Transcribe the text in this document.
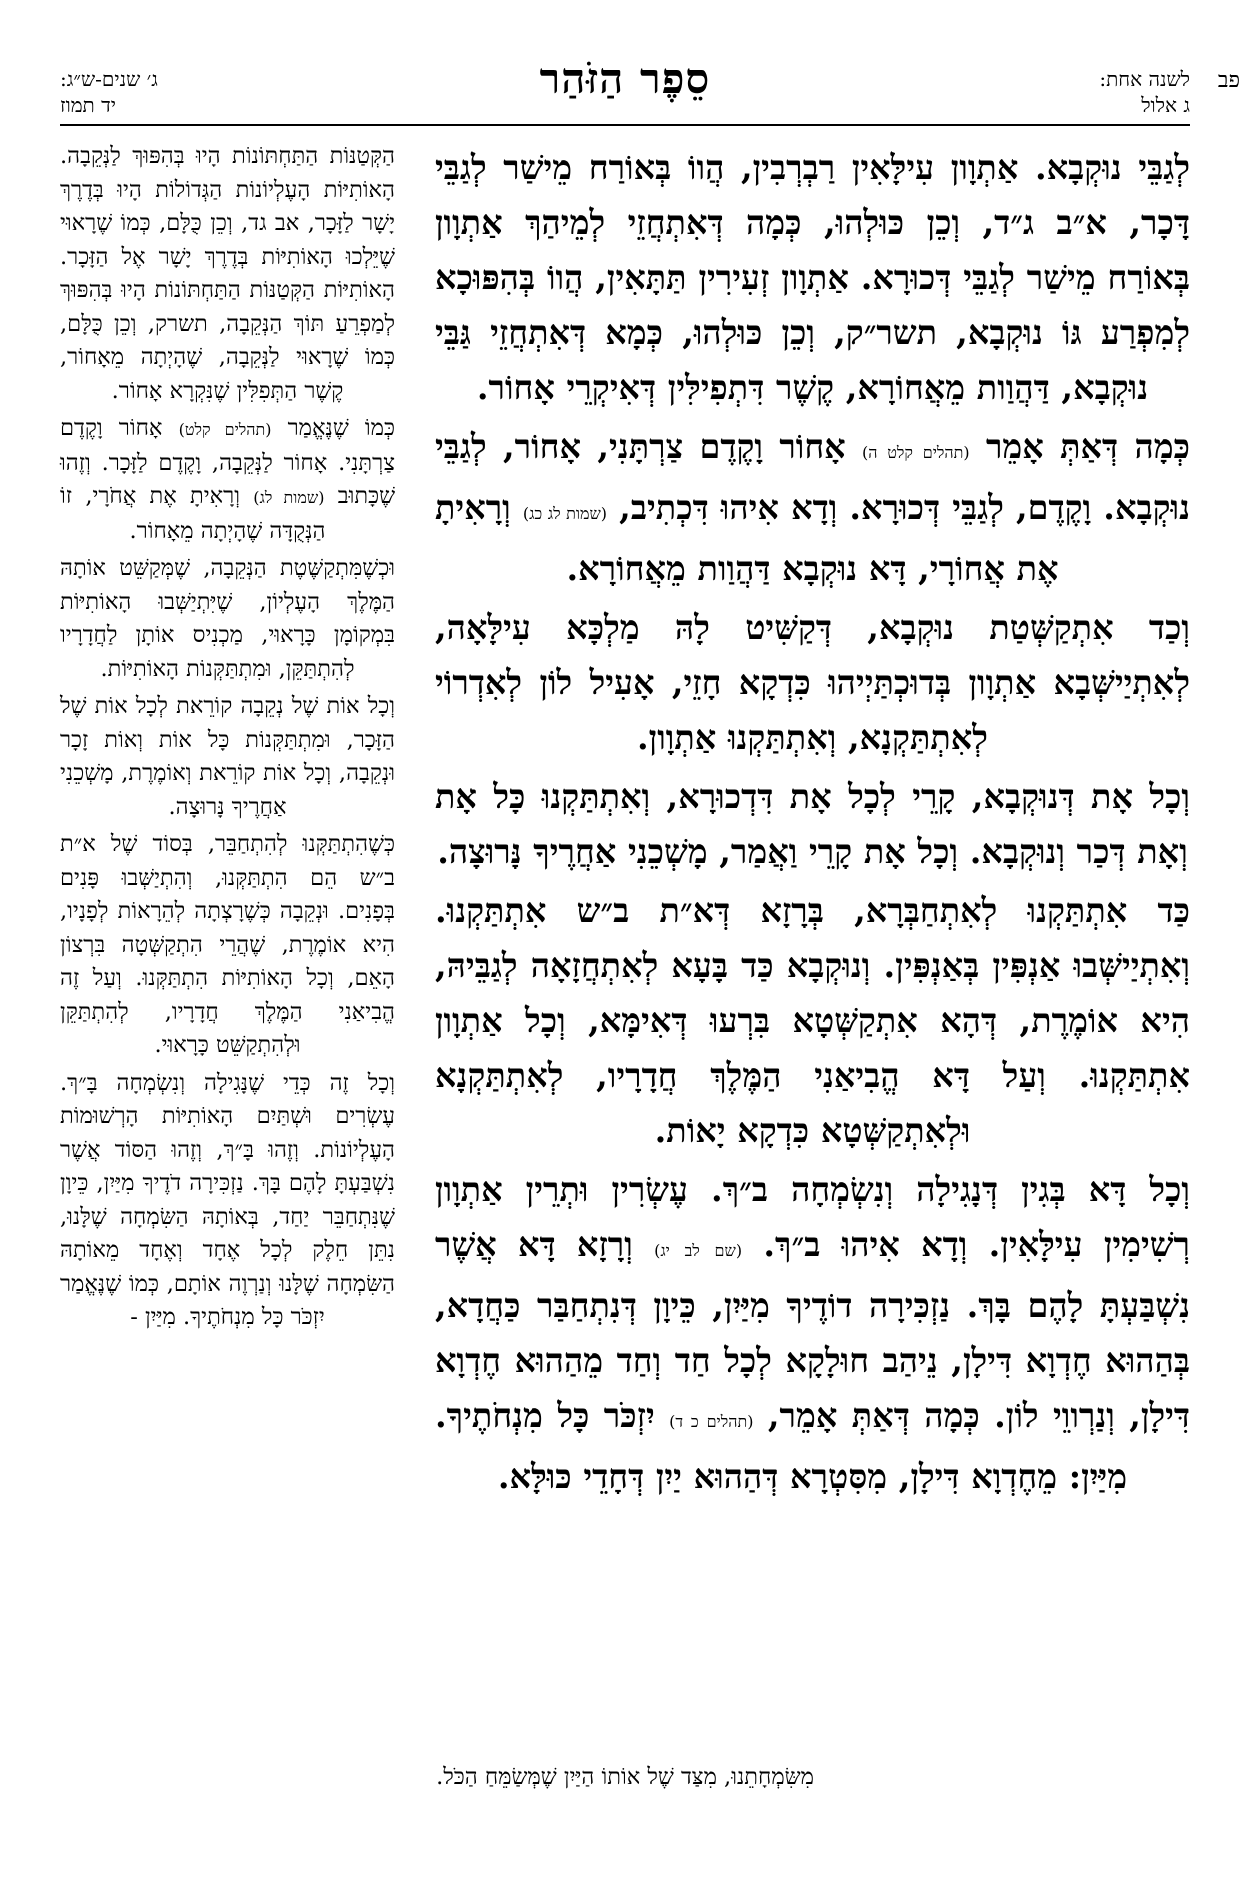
פב
לשנה אחת:
ג אלול
סֵפֶר הַזֹּהַר
ג׳ שנים-ש״ג:
יד תמוז

לְגַבֵּי נוּקְבָא. אַתְוָון עִילָּאִין רַבְרְבִין, הֲווֹ בְּאוֹרַח מֵישַׁר לְגַבֵּי דָּכָר, א״ב ג״ד, וְכֵן כּוּלְהוּ, כְּמָה דְּאִתְחֲזֵי לְמֵיהַךְ אַתְוָון בְּאוֹרַח מֵישַׁר לְגַבֵּי דְּכוּרָא. אַתְוָון זְעִירִין תַּתָּאִין, הֲווֹ בְּהִפּוּכָא לְמִפְרַע גּוֹ נוּקְבָא, תשר״ק, וְכֵן כּוּלְהוּ, כְּמָא דְּאִתְחֲזֵי גַּבֵּי נוּקְבָא, דַּהֲוַות מֵאֲחוֹרָא, קֶשֶׁר דִּתְפִילִּין דְּאִיקְרֵי אָחוֹר.

כְּמָה דְּאַתְּ אָמֵר (תהלים קלט ה) אָחוֹר וָקֶדֶם צַרְתָּנִי, אָחוֹר, לְגַבֵּי נוּקְבָא. וָקֶדֶם, לְגַבֵּי דְּכוּרָא. וְדָא אִיהוּ דִּכְתִיב, (שמות לג כג) וְרָאִיתָ אֶת אֲחוֹרָי, דָּא נוּקְבָא דַּהֲוַות מֵאֲחוֹרָא.

וְכַד אִתְקַשְּׁטַת נוּקְבָא, דְּקַשִּׁיט לָהּ מַלְכָּא עִילָּאָה, לְאִתְיַישְּׁבָא אַתְוָון בְּדוּכְתַּיְיהוּ כִּדְקָא חָזֵי, אָעִיל לוֹן לְאִדְרוֹי לְאִתְתַּקְנָא, וְאִתְתַּקְנוּ אַתְוָון.

וְכָל אָת דְּנוּקְבָא, קָרֵי לְכָל אָת דִּדְכוּרָא, וְאִתְתַּקְנוּ כָּל אָת וְאָת דְּכַר וְנוּקְבָא. וְכָל אָת קָרֵי וַאֲמַר, מָשְׁכֵנִי אַחֲרֶיךָ נָּרוּצָה.

כַּד אִתְתַּקְנוּ לְאִתְחַבְּרָא, בְּרָזָא דְּא״ת ב״ש אִתְתַּקְנוּ. וְאִתְיַישְּׁבוּ אַנְפִּין בְּאַנְפִּין. וְנוּקְבָא כַּד בָּעָא לְאִתְחֲזָאָה לְגַבֵּיהּ, הִיא אוֹמֶרֶת, דְּהָא אִתְקַשְּׁטָא בִּרְעוּ דְּאִימָּא, וְכָל אַתְוָון אִתְתַּקְנוּ. וְעַל דָּא הֱבִיאַנִי הַמֶּלֶךְ חֲדָרָיו, לְאִתְתַּקְנָא וּלְאִתְקַשְּׁטָא כִּדְקָא יָאוֹת.

וְכָל דָּא בְּגִין דְּנָגִילָה וְנִשְׂמְחָה ב״ךְ. עֶשְׂרִין וּתְרֵין אַתְוָון רְשִׁימִין עִילָּאִין. וְדָא אִיהוּ ב״ךְ. (שם לב יג) וְרָזָא דָּא אֲשֶׁר נִשְׁבַּעְתָּ לָהֶם בָּךְ. נַזְכִּירָה דוֹדֶיךָ מִיַּיִן, כֵּיוָן דְּנִתְחַבַּר כַּחֲדָא, בְּהַהוּא חֶדְוָא דִּילָן, נֵיהַב חוּלָקָא לְכָל חַד וְחַד מֵהַהוּא חֶדְוָא דִּילָן, וְנַרְווֵי לוֹן. כְּמָה דְּאַתְּ אָמֵר, (תהלים כ ד) יִזְכֹּר כָּל מִנְחֹתֶיךָ. מִיַּיִן: מֵחֶדְוָא דִּילָן, מִסִּטְרָא דְּהַהוּא יַיִן דְּחָדֵי כּוּלָּא.

הַקְּטַנּוֹת הַתַּחְתּוֹנוֹת הָיוּ בְּהִפּוּךְ לַנְּקֵבָה. הָאוֹתִיּוֹת הָעֶלְיוֹנוֹת הַגְּדוֹלוֹת הָיוּ בְּדֶרֶךְ יָשָׁר לַזָּכָר, אב גד, וְכֵן כֻּלָּם, כְּמוֹ שֶׁרָאוּי שֶׁיֵּלְכוּ הָאוֹתִיּוֹת בְּדֶרֶךְ יָשָׁר אֶל הַזָּכָר. הָאוֹתִיּוֹת הַקְּטַנּוֹת הַתַּחְתּוֹנוֹת הָיוּ בְּהִפּוּךְ לְמַפְרֵעַ תּוֹךְ הַנְּקֵבָה, תשרק, וְכֵן כֻּלָּם, כְּמוֹ שֶׁרָאוּי לַנְּקֵבָה, שֶׁהָיְתָה מֵאָחוֹר, קֶשֶׁר הַתְּפִלִּין שֶׁנִּקְרָא אָחוֹר.

כְּמוֹ שֶׁנֶּאֱמַר (תהלים קלט) אָחוֹר וָקֶדֶם צַרְתָּנִי. אָחוֹר לַנְּקֵבָה, וָקֶדֶם לַזָּכָר. וְזֶהוּ שֶׁכָּתוּב (שמות לג) וְרָאִיתָ אֶת אֲחֹרָי, זוֹ הַנְּקֻדָּה שֶׁהָיְתָה מֵאָחוֹר.

וּכְשֶׁמִּתְקַשֶּׁטֶת הַנְּקֵבָה, שֶׁמְּקַשֵּׁט אוֹתָהּ הַמֶּלֶךְ הָעֶלְיוֹן, שֶׁיִּתְיַשְּׁבוּ הָאוֹתִיּוֹת בִּמְקוֹמָן כָּרָאוּי, מַכְנִיס אוֹתָן לַחֲדָרָיו לְהִתְתַּקֵּן, וּמִתְתַּקְּנוֹת הָאוֹתִיּוֹת.

וְכָל אוֹת שֶׁל נְקֵבָה קוֹרֵאת לְכָל אוֹת שֶׁל הַזָּכָר, וּמִתְתַּקְּנוֹת כָּל אוֹת וְאוֹת זָכָר וּנְקֵבָה, וְכָל אוֹת קוֹרֵאת וְאוֹמֶרֶת, מָשְׁכֵנִי אַחֲרֶיךָ נָּרוּצָה.

כְּשֶׁהִתְתַּקְּנוּ לְהִתְחַבֵּר, בְּסוֹד שֶׁל א״ת ב״ש הֵם הִתְתַּקְּנוּ, וְהִתְיַשְּׁבוּ פָּנִים בְּפָנִים. וּנְקֵבָה כְּשֶׁרָצְתָה לְהֵרָאוֹת לְפָנָיו, הִיא אוֹמֶרֶת, שֶׁהֲרֵי הִתְקַשְּׁטָה בִּרְצוֹן הָאֵם, וְכָל הָאוֹתִיּוֹת הִתְתַּקְּנוּ. וְעַל זֶה הֱבִיאַנִי הַמֶּלֶךְ חֲדָרָיו, לְהִתְתַּקֵּן וּלְהִתְקַשֵּׁט כָּרָאוּי.

וְכָל זֶה כְּדֵי שֶׁנָּגִילָה וְנִשְׂמְחָה בָּ״ךְ. עֶשְׂרִים וּשְׁתַּיִם הָאוֹתִיּוֹת הָרְשׁוּמוֹת הָעֶלְיוֹנוֹת. וְזֶהוּ בָּ״ךְ, וְזֶהוּ הַסּוֹד אֲשֶׁר נִשְׁבַּעְתָּ לָהֶם בָּךְ. נַזְכִּירָה דֹדֶיךָ מִיַּיִן, כֵּיוָן שֶׁנִּתְחַבֵּר יַחַד, בְּאוֹתָהּ הַשִּׂמְחָה שֶׁלָּנוּ, נִתֵּן חֵלֶק לְכָל אֶחָד וְאֶחָד מֵאוֹתָהּ הַשִּׂמְחָה שֶׁלָּנוּ וְנַרְוֶה אוֹתָם, כְּמוֹ שֶׁנֶּאֱמַר יִזְכֹּר כָּל מִנְחֹתֶיךָ. מִיַּיִן -

מִשִּׂמְחָתֵנוּ, מִצַּד שֶׁל אוֹתוֹ הַיַּיִן שֶׁמְּשַׂמֵּחַ הַכֹּל.
